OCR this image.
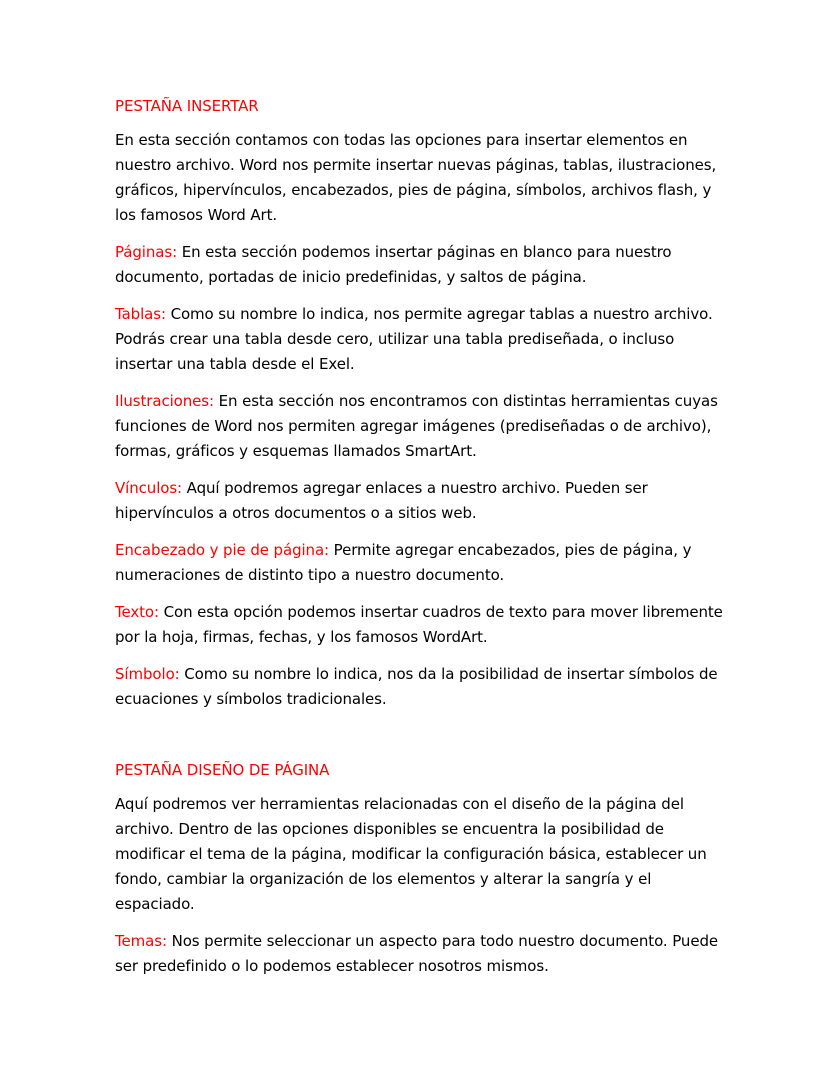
PESTAÑA INSERTAR

En esta sección contamos con todas las opciones para insertar elementos en nuestro archivo. Word nos permite insertar nuevas páginas, tablas, ilustraciones, gráficos, hipervínculos, encabezados, pies de página, símbolos, archivos flash, y los famosos Word Art.

Páginas: En esta sección podemos insertar páginas en blanco para nuestro documento, portadas de inicio predefinidas, y saltos de página.

Tablas: Como su nombre lo indica, nos permite agregar tablas a nuestro archivo. Podrás crear una tabla desde cero, utilizar una tabla prediseñada, o incluso insertar una tabla desde el Exel.

Ilustraciones: En esta sección nos encontramos con distintas herramientas cuyas funciones de Word nos permiten agregar imágenes (prediseñadas o de archivo), formas, gráficos y esquemas llamados SmartArt.

Vínculos: Aquí podremos agregar enlaces a nuestro archivo. Pueden ser hipervínculos a otros documentos o a sitios web.

Encabezado y pie de página: Permite agregar encabezados, pies de página, y numeraciones de distinto tipo a nuestro documento.

Texto: Con esta opción podemos insertar cuadros de texto para mover libremente por la hoja, firmas, fechas, y los famosos WordArt.

Símbolo: Como su nombre lo indica, nos da la posibilidad de insertar símbolos de ecuaciones y símbolos tradicionales.

PESTAÑA DISEÑO DE PÁGINA

Aquí podremos ver herramientas relacionadas con el diseño de la página del archivo. Dentro de las opciones disponibles se encuentra la posibilidad de modificar el tema de la página, modificar la configuración básica, establecer un fondo, cambiar la organización de los elementos y alterar la sangría y el espaciado.

Temas: Nos permite seleccionar un aspecto para todo nuestro documento. Puede ser predefinido o lo podemos establecer nosotros mismos.
